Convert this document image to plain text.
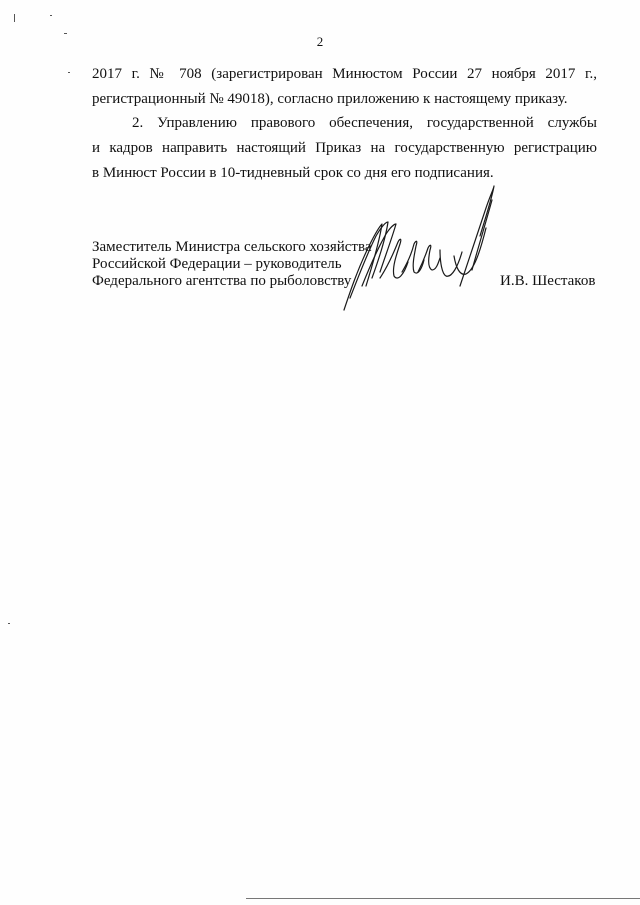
2
2017 г. № 708 (зарегистрирован Минюстом России 27 ноября 2017 г.,
регистрационный № 49018), согласно приложению к настоящему приказу.
2. Управлению правового обеспечения, государственной службы
и кадров направить настоящий Приказ на государственную регистрацию
в Минюст России в 10-тидневный срок со дня его подписания.
Заместитель Министра сельского хозяйства
Российской Федерации – руководитель
Федерального агентства по рыболовству	И.В. Шестаков
